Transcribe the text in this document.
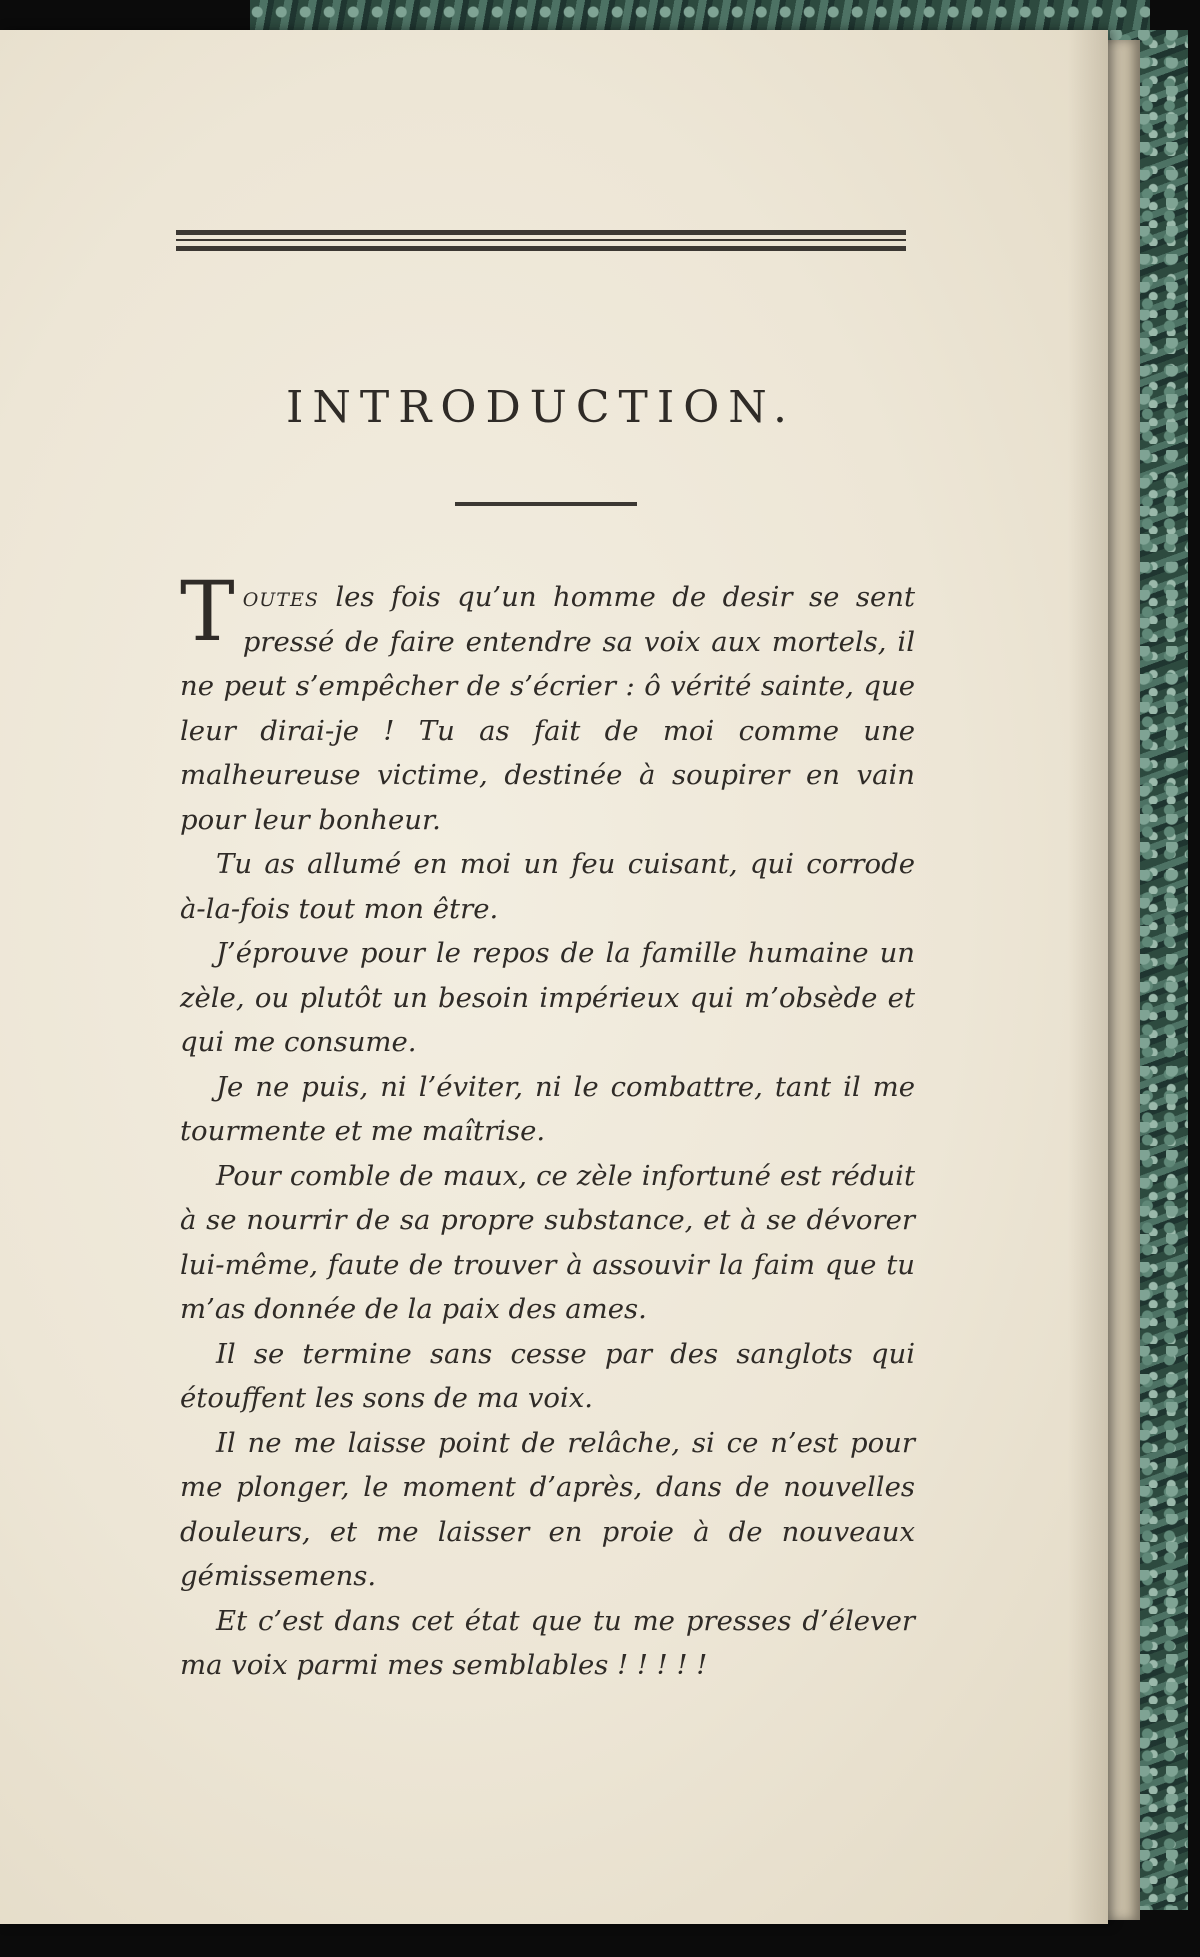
INTRODUCTION.

Toutes les fois qu’un homme de desir se sent pressé de faire entendre sa voix aux mortels, il ne peut s’empêcher de s’écrier : ô vérité sainte, que leur dirai-je ! Tu as fait de moi comme une malheureuse victime, destinée à soupirer en vain pour leur bonheur.

Tu as allumé en moi un feu cuisant, qui corrode à-la-fois tout mon être.

J’éprouve pour le repos de la famille humaine un zèle, ou plutôt un besoin impérieux qui m’obsède et qui me consume.

Je ne puis, ni l’éviter, ni le combattre, tant il me tourmente et me maîtrise.

Pour comble de maux, ce zèle infortuné est réduit à se nourrir de sa propre substance, et à se dévorer lui-même, faute de trouver à assouvir la faim que tu m’as donnée de la paix des ames.

Il se termine sans cesse par des sanglots qui étouffent les sons de ma voix.

Il ne me laisse point de relâche, si ce n’est pour me plonger, le moment d’après, dans de nouvelles douleurs, et me laisser en proie à de nouveaux gémissemens.

Et c’est dans cet état que tu me presses d’élever ma voix parmi mes semblables ! ! ! ! !
